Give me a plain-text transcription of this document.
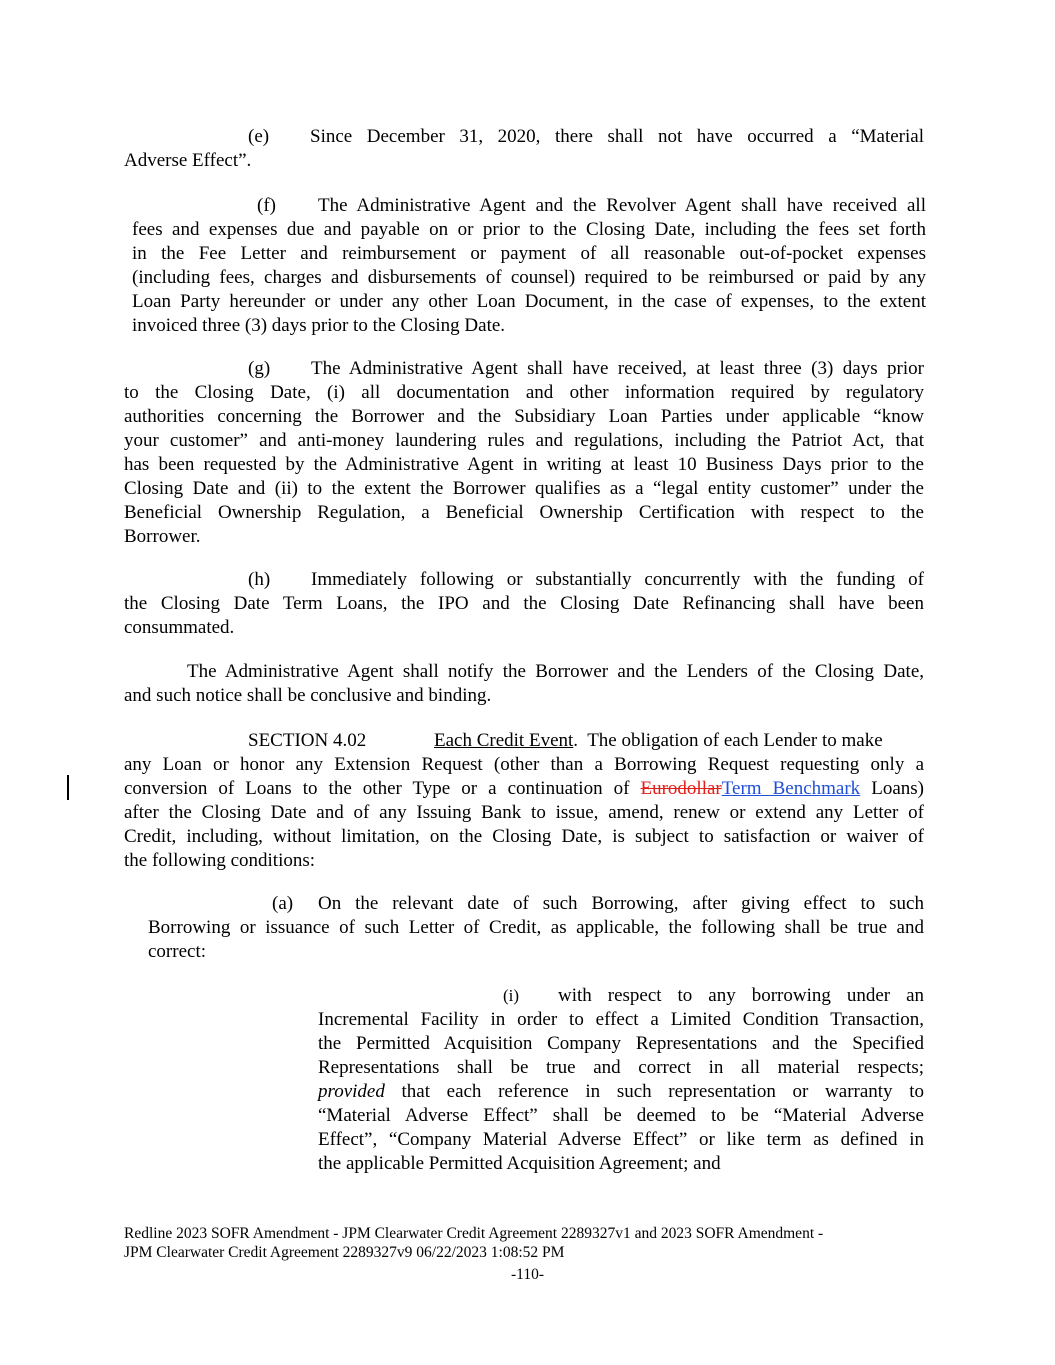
(e) Since December 31, 2020, there shall not have occurred a “Material
Adverse Effect”.
(f) The Administrative Agent and the Revolver Agent shall have received all
fees and expenses due and payable on or prior to the Closing Date, including the fees set forth
in the Fee Letter and reimbursement or payment of all reasonable out-of-pocket expenses
(including fees, charges and disbursements of counsel) required to be reimbursed or paid by any
Loan Party hereunder or under any other Loan Document, in the case of expenses, to the extent
invoiced three (3) days prior to the Closing Date.
(g) The Administrative Agent shall have received, at least three (3) days prior
to the Closing Date, (i) all documentation and other information required by regulatory
authorities concerning the Borrower and the Subsidiary Loan Parties under applicable “know
your customer” and anti-money laundering rules and regulations, including the Patriot Act, that
has been requested by the Administrative Agent in writing at least 10 Business Days prior to the
Closing Date and (ii) to the extent the Borrower qualifies as a “legal entity customer” under the
Beneficial Ownership Regulation, a Beneficial Ownership Certification with respect to the
Borrower.
(h) Immediately following or substantially concurrently with the funding of
the Closing Date Term Loans, the IPO and the Closing Date Refinancing shall have been
consummated.
The Administrative Agent shall notify the Borrower and the Lenders of the Closing Date,
and such notice shall be conclusive and binding.
SECTION 4.02	Each Credit Event.  The obligation of each Lender to make
any Loan or honor any Extension Request (other than a Borrowing Request requesting only a
conversion of Loans to the other Type or a continuation of EurodollarTerm Benchmark Loans)
after the Closing Date and of any Issuing Bank to issue, amend, renew or extend any Letter of
Credit, including, without limitation, on the Closing Date, is subject to satisfaction or waiver of
the following conditions:
(a) On the relevant date of such Borrowing, after giving effect to such
Borrowing or issuance of such Letter of Credit, as applicable, the following shall be true and
correct:
(i) with respect to any borrowing under an
Incremental Facility in order to effect a Limited Condition Transaction,
the Permitted Acquisition Company Representations and the Specified
Representations shall be true and correct in all material respects;
provided that each reference in such representation or warranty to
“Material Adverse Effect” shall be deemed to be “Material Adverse
Effect”, “Company Material Adverse Effect” or like term as defined in
the applicable Permitted Acquisition Agreement; and
Redline 2023 SOFR Amendment - JPM Clearwater Credit Agreement 2289327v1 and 2023 SOFR Amendment -
JPM Clearwater Credit Agreement 2289327v9 06/22/2023 1:08:52 PM
-110-
